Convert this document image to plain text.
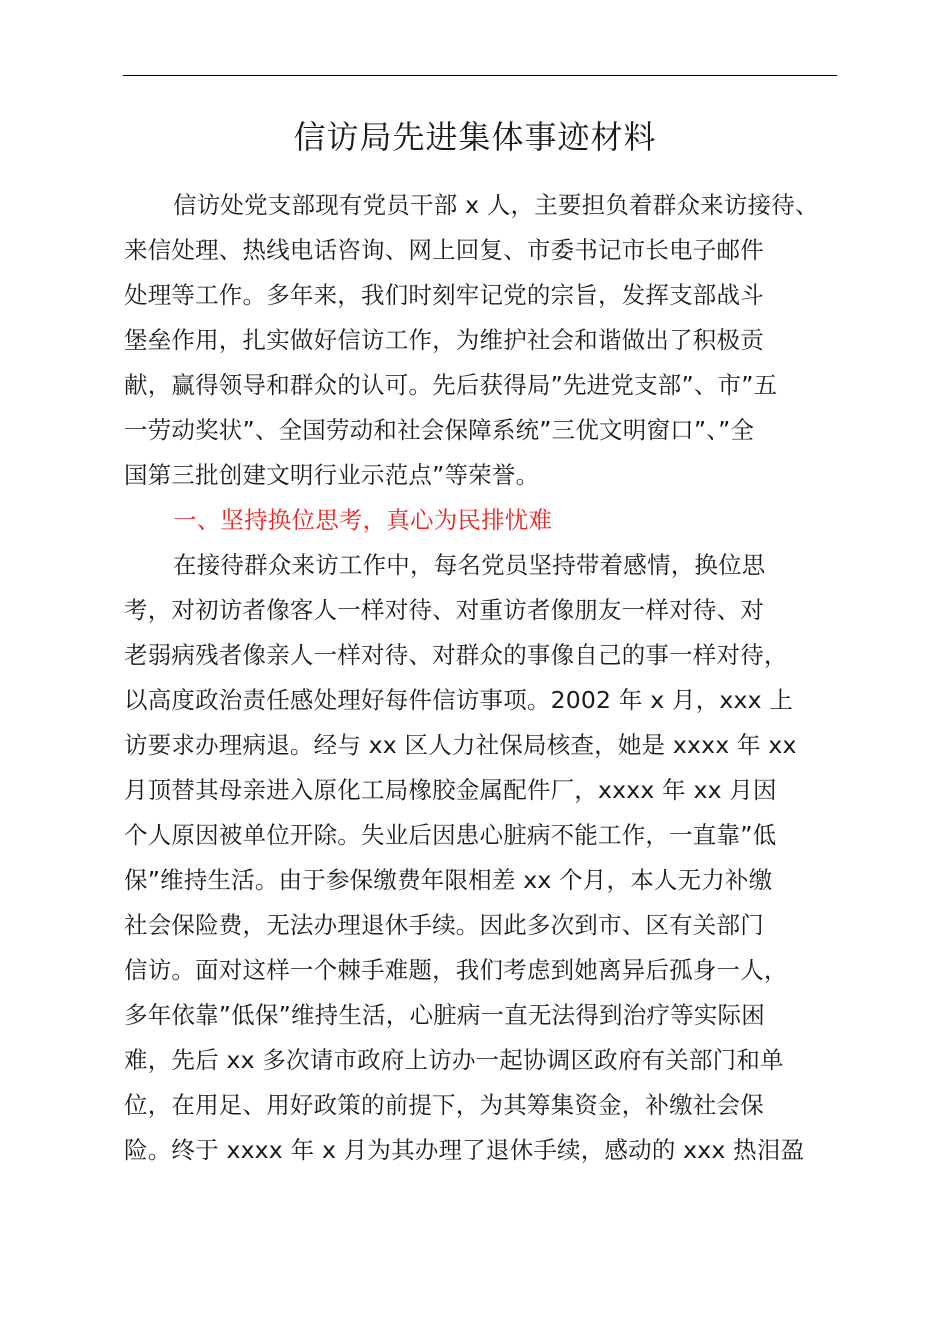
信访局先进集体事迹材料
信访处党支部现有党员干部 x 人，主要担负着群众来访接待、
来信处理、热线电话咨询、网上回复、市委书记市长电子邮件
处理等工作。多年来，我们时刻牢记党的宗旨，发挥支部战斗
堡垒作用，扎实做好信访工作，为维护社会和谐做出了积极贡
献，赢得领导和群众的认可。先后获得局”先进党支部”、市”五
一劳动奖状”、全国劳动和社会保障系统”三优文明窗口”、”全
国第三批创建文明行业示范点”等荣誉。
一、坚持换位思考，真心为民排忧难
在接待群众来访工作中，每名党员坚持带着感情，换位思
考，对初访者像客人一样对待、对重访者像朋友一样对待、对
老弱病残者像亲人一样对待、对群众的事像自己的事一样对待，
以高度政治责任感处理好每件信访事项。2002 年 x 月，xxx 上
访要求办理病退。经与 xx 区人力社保局核查，她是 xxxx 年 xx
月顶替其母亲进入原化工局橡胶金属配件厂，xxxx 年 xx 月因
个人原因被单位开除。失业后因患心脏病不能工作，一直靠”低
保”维持生活。由于参保缴费年限相差 xx 个月，本人无力补缴
社会保险费，无法办理退休手续。因此多次到市、区有关部门
信访。面对这样一个棘手难题，我们考虑到她离异后孤身一人，
多年依靠”低保”维持生活，心脏病一直无法得到治疗等实际困
难，先后 xx 多次请市政府上访办一起协调区政府有关部门和单
位，在用足、用好政策的前提下，为其筹集资金，补缴社会保
险。终于 xxxx 年 x 月为其办理了退休手续，感动的 xxx 热泪盈
